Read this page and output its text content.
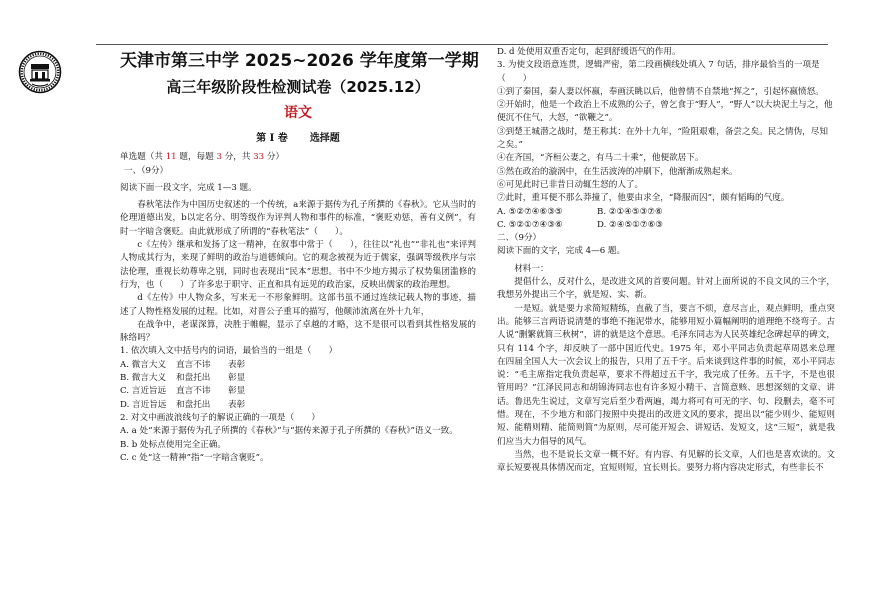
天津市第三中学 2025~2026 学年度第一学期
高三年级阶段性检测试卷（2025.12）

语文

第 I 卷 选择题

单选题（共 11 题，每题 3 分，共 33 分）

一、（9分）

阅读下面一段文字，完成 1—3 题。

春秋笔法作为中国历史叙述的一个传统，a来源于据传为孔子所撰的《春秋》。它从当时的伦理道德出发，b以定名分、明等级作为评判人物和事件的标准，“褒贬劝惩，善有义例”，有时一字暗含褒贬。由此就形成了所谓的“春秋笔法”（　　）。

c《左传》继承和发扬了这一精神，在叙事中常于（　　），往往以“礼也”“非礼也”来评判人物成其行为，来现了鲜明的政治与道德倾向。它的观念被视为近于儒家，强调等级秩序与宗法伦理，重视长幼尊卑之别，同时也表现出“民本”思想。书中不少地方揭示了权势集团滥修的行为，也（　　）了许多忠于职守、正直和具有远见的政治家，反映出儒家的政治理想。

d《左传》中人物众多，写来无一不形象鲜明。这部书虽不通过连续记载人物的事迹，描述了人物性格发展的过程。比如，对晋公子重耳的描写，他颠沛流离在外十九年，

在战争中，老谋深算，决胜于帷幄，显示了卓越的才略，这不是很可以看到其性格发展的脉络吗？

1. 依次填入文中括号内的词语，最恰当的一组是（　　）

A. 微言大义 直言不讳 表彰

B. 微言大义 和盘托出 彰显

C. 言近旨远 直言不讳 彰显

D. 言近旨远 和盘托出 表彰

2. 对文中画波浪线句子的解说正确的一项是（　　）

A. a 处“来源于据传为孔子所撰的《春秋》”与“据传来源于孔子所撰的《春秋》”语义一致。

B. b 处标点使用完全正确。

C. c 处“这一精神”指“一字暗含褒贬”。

D. d 处使用双重否定句，起到舒缓语气的作用。

3. 为使文段语意连贯，逻辑严密，第二段画横线处填入 7 句话，排序最恰当的一项是（　　）

①到了秦国，秦人妻以怀嬴，奉画沃眺以后，他曾情不自禁地“挥之”，引起怀嬴愤怒。

②开始时，他是一个政治上不成熟的公子，曾乞食于“野人”，“野人”以大块泥土与之，他便沉不住气，大怒，“欲鞭之”。

③到楚王城潜之战时，楚王称其：在外十九年，“险阻艰难，备尝之矣。民之情伪，尽知之矣。”

④在齐国，“齐桓公妻之，有马二十乘”，他便欲居下。

⑤然在政治的漩涡中，在生活波涛的冲刷下，他渐渐成熟起来。

⑥可见此时已非昔日动辄生怒的人了。

⑦此时，重耳便不那么莽撞了，他要由求全，“降服而囚”，颇有韬晦的气度。

A. ⑤②⑦④⑥③⑤	B. ②①④⑤③⑦⑥

C. ⑤②①⑦④③⑥	D. ②④⑤①⑦⑥③

二、（9分）

阅读下面的文字，完成 4—6 题。

材料一：

提倡什么，反对什么，是改进文风的首要问题。针对上面所说的不良文风的三个字，我想另外提出三个字，就是短、实、新。

一是短。就是要力求简短精练，直截了当，要言不烦，意尽言止，观点鲜明，重点突出。能够三言两语说清楚的事绝不拖泥带水，能够用短小篇幅阐明的道理绝不绕弯子。古人说“删繁就简三秋树”，讲的就是这个意思。毛泽东同志为人民英雄纪念碑起草的碑文，只有 114 个字，却反映了一部中国近代史。1975 年，邓小平同志负责起草周恩来总理在四届全国人大一次会议上的报告，只用了五千字。后来谈到这件事的时候，邓小平同志说：“毛主席指定我负责起草，要求不得超过五千字，我完成了任务。五千字，不是也很管用吗？”江泽民同志和胡锦涛同志也有许多短小精干、言简意赅、思想深刻的文章、讲话。鲁迅先生说过，文章写完后至少看两遍，竭力将可有可无的字、句、段删去，毫不可惜。现在，不少地方和部门按照中央提出的改进文风的要求，提出以“能少则少、能短则短、能精则精、能简则简”为原则，尽可能开短会、讲短话、发短文，这“三短”，就是我们应当大力倡导的风气。

当然，也不是说长文章一概不好。有内容、有见解的长文章，人们也是喜欢读的。文章长短要视具体情况而定，宜短则短，宜长则长。要努力将内容决定形式，有些非长不
